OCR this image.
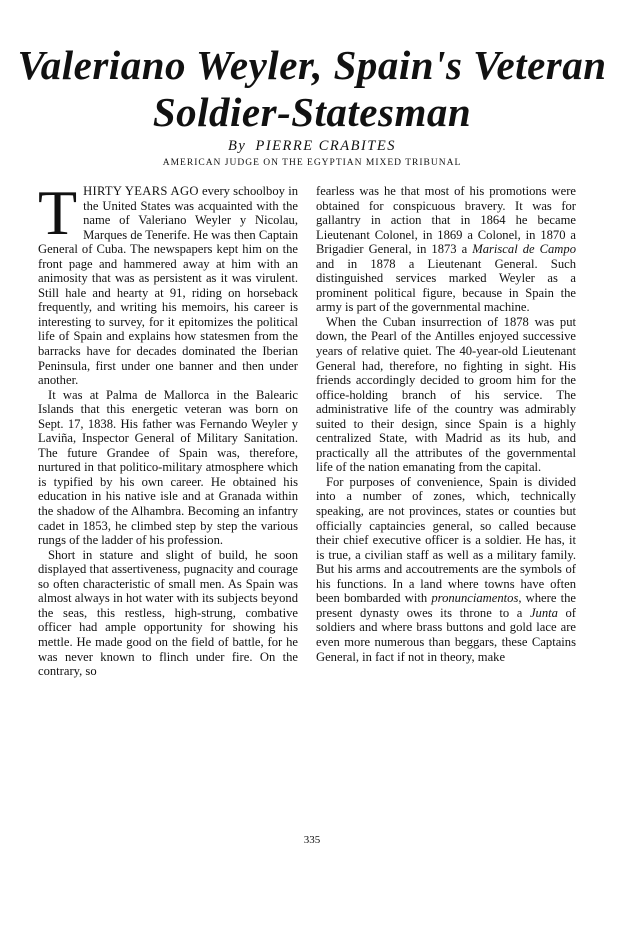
Valeriano Weyler, Spain's Veteran
Soldier-Statesman
By PIERRE CRABITES
AMERICAN JUDGE ON THE EGYPTIAN MIXED TRIBUNAL

THIRTY YEARS AGO every schoolboy in the United States was acquainted with the name of Valeriano Weyler y Nicolau, Marques de Tenerife. He was then Captain General of Cuba. The newspapers kept him on the front page and hammered away at him with an animosity that was as persistent as it was virulent. Still hale and hearty at 91, riding on horseback frequently, and writing his memoirs, his career is interesting to survey, for it epitomizes the political life of Spain and explains how statesmen from the barracks have for decades dominated the Iberian Peninsula, first under one banner and then under another.

It was at Palma de Mallorca in the Balearic Islands that this energetic veteran was born on Sept. 17, 1838. His father was Fernando Weyler y Laviña, Inspector General of Military Sanitation. The future Grandee of Spain was, therefore, nurtured in that politico-military atmosphere which is typified by his own career. He obtained his education in his native isle and at Granada within the shadow of the Alhambra. Becoming an infantry cadet in 1853, he climbed step by step the various rungs of the ladder of his profession.

Short in stature and slight of build, he soon displayed that assertiveness, pugnacity and courage so often characteristic of small men. As Spain was almost always in hot water with its subjects beyond the seas, this restless, high-strung, combative officer had ample opportunity for showing his mettle. He made good on the field of battle, for he was never known to flinch under fire. On the contrary, so

fearless was he that most of his promotions were obtained for conspicuous bravery. It was for gallantry in action that in 1864 he became Lieutenant Colonel, in 1869 a Colonel, in 1870 a Brigadier General, in 1873 a Mariscal de Campo and in 1878 a Lieutenant General. Such distinguished services marked Weyler as a prominent political figure, because in Spain the army is part of the governmental machine.

When the Cuban insurrection of 1878 was put down, the Pearl of the Antilles enjoyed successive years of relative quiet. The 40-year-old Lieutenant General had, therefore, no fighting in sight. His friends accordingly decided to groom him for the office-holding branch of his service. The administrative life of the country was admirably suited to their design, since Spain is a highly centralized State, with Madrid as its hub, and practically all the attributes of the governmental life of the nation emanating from the capital.

For purposes of convenience, Spain is divided into a number of zones, which, technically speaking, are not provinces, states or counties but officially captaincies general, so called because their chief executive officer is a soldier. He has, it is true, a civilian staff as well as a military family. But his arms and accoutrements are the symbols of his functions. In a land where towns have often been bombarded with pronunciamentos, where the present dynasty owes its throne to a Junta of soldiers and where brass buttons and gold lace are even more numerous than beggars, these Captains General, in fact if not in theory, make

335
